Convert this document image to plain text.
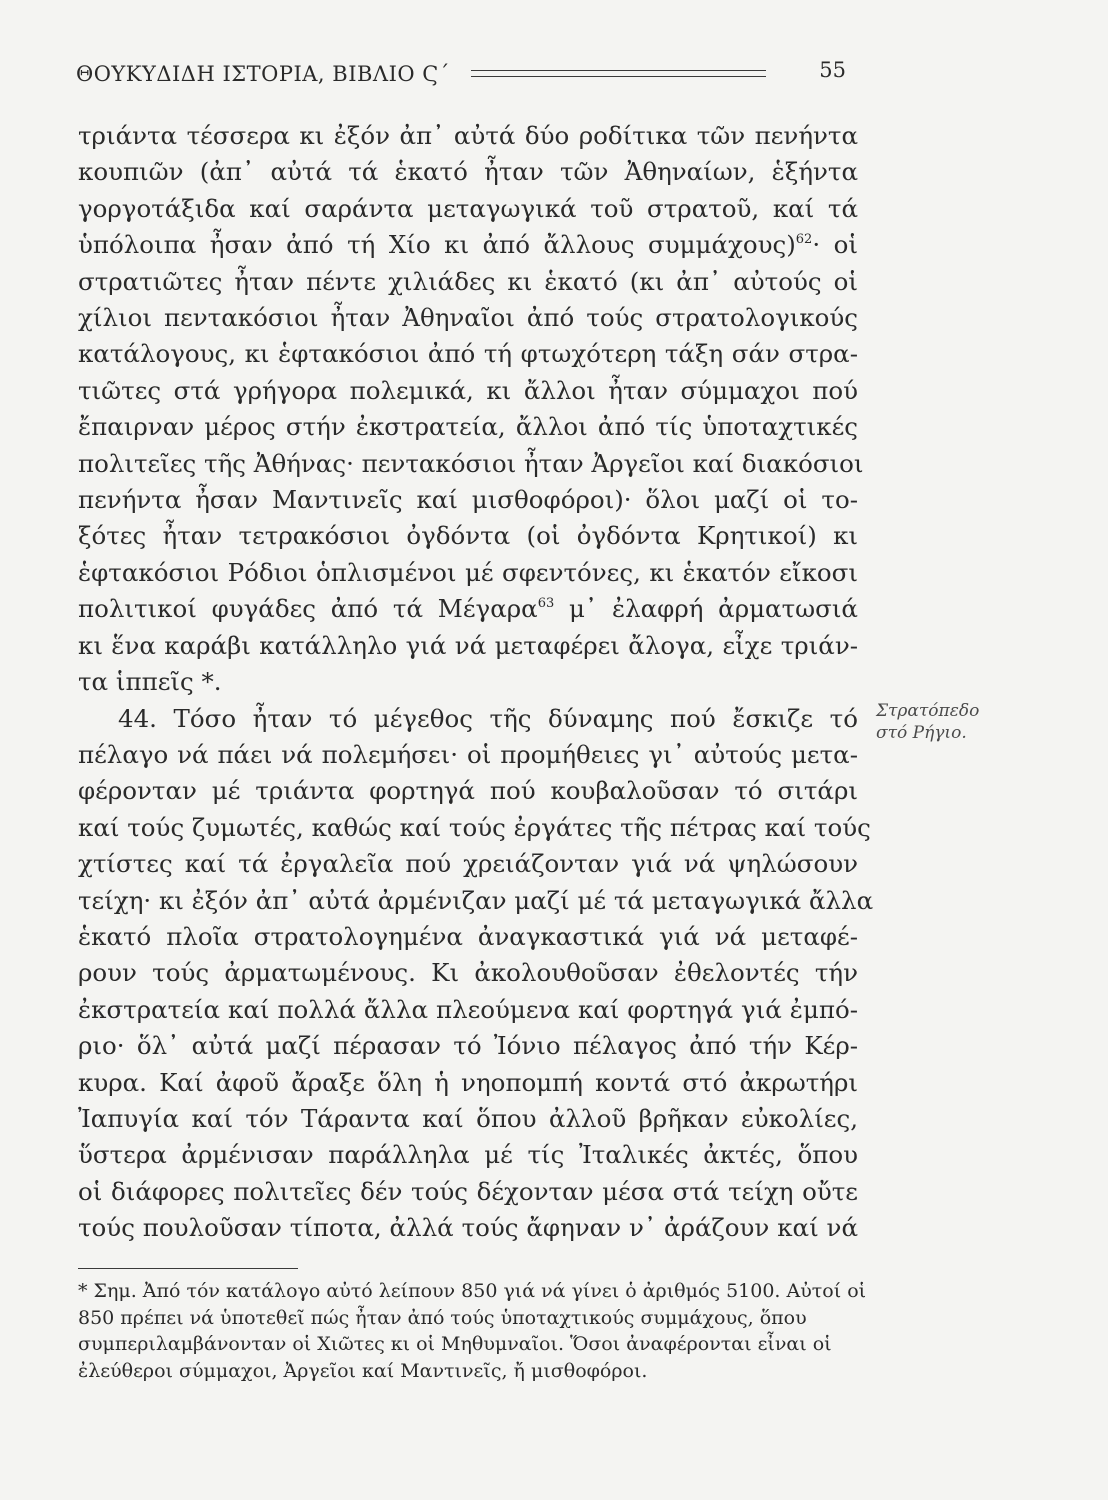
ΘΟΥΚΥΔΙΔΗ ΙΣΤΟΡΙΑ, ΒΙΒΛΙΟ Ϛ΄	55
τριάντα τέσσερα κι ἐξόν ἀπ᾽ αὐτά δύο ροδίτικα τῶν πενήντα
κουπιῶν (ἀπ᾽ αὐτά τά ἑκατό ἦταν τῶν Ἀθηναίων, ἑξήντα
γοργοτάξιδα καί σαράντα μεταγωγικά τοῦ στρατοῦ, καί τά
ὑπόλοιπα ἦσαν ἀπό τή Χίο κι ἀπό ἄλλους συμμάχους)$^{62}$· οἱ
στρατιῶτες ἦταν πέντε χιλιάδες κι ἑκατό (κι ἀπ᾽ αὐτούς οἱ
χίλιοι πεντακόσιοι ἦταν Ἀθηναῖοι ἀπό τούς στρατολογικούς
κατάλογους, κι ἑφτακόσιοι ἀπό τή φτωχότερη τάξη σάν στρα-
τιῶτες στά γρήγορα πολεμικά, κι ἄλλοι ἦταν σύμμαχοι πού
ἔπαιρναν μέρος στήν ἐκστρατεία, ἄλλοι ἀπό τίς ὑποταχτικές
πολιτεῖες τῆς Ἀθήνας· πεντακόσιοι ἦταν Ἀργεῖοι καί διακόσιοι
πενήντα ἦσαν Μαντινεῖς καί μισθοφόροι)· ὅλοι μαζί οἱ το-
ξότες ἦταν τετρακόσιοι ὀγδόντα (οἱ ὀγδόντα Κρητικοί) κι
ἑφτακόσιοι Ρόδιοι ὁπλισμένοι μέ σφεντόνες, κι ἑκατόν εἴκοσι
πολιτικοί φυγάδες ἀπό τά Μέγαρα$^{63}$ μ᾽ ἐλαφρή ἀρματωσιά
κι ἕνα καράβι κατάλληλο γιά νά μεταφέρει ἄλογα, εἶχε τριάν-
τα ἱππεῖς *.
44. Τόσο ἦταν τό μέγεθος τῆς δύναμης πού ἔσκιζε τό
πέλαγο νά πάει νά πολεμήσει· οἱ προμήθειες γι᾽ αὐτούς μετα-
φέρονταν μέ τριάντα φορτηγά πού κουβαλοῦσαν τό σιτάρι
καί τούς ζυμωτές, καθώς καί τούς ἐργάτες τῆς πέτρας καί τούς
χτίστες καί τά ἐργαλεῖα πού χρειάζονταν γιά νά ψηλώσουν
τείχη· κι ἐξόν ἀπ᾽ αὐτά ἀρμένιζαν μαζί μέ τά μεταγωγικά ἄλλα
ἑκατό πλοῖα στρατολογημένα ἀναγκαστικά γιά νά μεταφέ-
ρουν τούς ἀρματωμένους. Κι ἀκολουθοῦσαν ἐθελοντές τήν
ἐκστρατεία καί πολλά ἄλλα πλεούμενα καί φορτηγά γιά ἐμπό-
ριο· ὅλ᾽ αὐτά μαζί πέρασαν τό Ἰόνιο πέλαγος ἀπό τήν Κέρ-
κυρα. Καί ἀφοῦ ἄραξε ὅλη ἡ νηοπομπή κοντά στό ἀκρωτήρι
Ἰαπυγία καί τόν Τάραντα καί ὅπου ἀλλοῦ βρῆκαν εὐκολίες,
ὕστερα ἀρμένισαν παράλληλα μέ τίς Ἰταλικές ἀκτές, ὅπου
οἱ διάφορες πολιτεῖες δέν τούς δέχονταν μέσα στά τείχη οὔτε
τούς πουλοῦσαν τίποτα, ἀλλά τούς ἄφηναν ν᾽ ἀράζουν καί νά
Στρατόπεδο
στό Ρήγιο.
* Σημ. Ἀπό τόν κατάλογο αὐτό λείπουν 850 γιά νά γίνει ὁ ἀριθμός 5100. Αὐτοί οἱ 850 πρέπει νά ὑποτεθεῖ πώς ἦταν ἀπό τούς ὑποταχτικούς συμμάχους, ὅπου συμπεριλαμβάνονταν οἱ Χιῶτες κι οἱ Μηθυμναῖοι. Ὅσοι ἀναφέρονται εἶναι οἱ ἐλεύθεροι σύμμαχοι, Ἀργεῖοι καί Μαντινεῖς, ἤ μισθοφόροι.
